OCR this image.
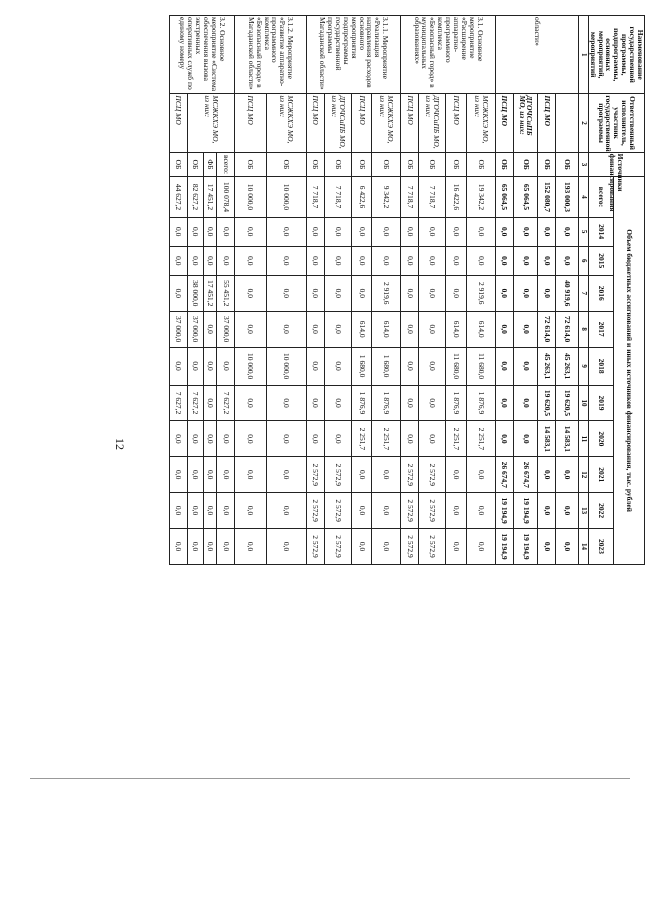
12
Наименование государственной программы, подпрограммы, основных мероприятий, мероприятий	Ответственный исполнитель, участник государственной программы	Источники финансирования	Объем бюджетных ассигнований и иных источников финансирования, тыс. рублей										
			всего:	2014	2015	2016	2017	2018	2019	2020	2021	2022	2023
1	2	3	4	5	6	7	8	9	10	11	12	13	14
области»		ОБ	193 000,3	0,0	0,0	40 919,6	72 614,0	45 263,1	19 620,5	14 583,1	0,0	0,0	0,0
	ПСЦ МО	ОБ	152 080,7	0,0	0,0	0,0	72 614,0	45 263,1	19 620,5	14 583,1	0,0	0,0	0,0
	ДГОЧСиПБ МО, из них:	ОБ	65 064,5	0,0	0,0	0,0	0,0	0,0	0,0	0,0	26 674,7	19 194,9	19 194,9
	ПСЦ МО	ОБ	65 064,5	0,0	0,0	0,0	0,0	0,0	0,0	0,0	26 674,7	19 194,9	19 194,9
3.1. Основное мероприятие «Расширение аппаратно-программного комплекса «Безопасный город» в муниципальных образованиях»	МСЖКХЭ МО, из них:	ОБ	19 342,2	0,0	0,0	2 919,6	614,0	11 680,0	1 876,9	2 251,7	0,0	0,0	0,0
	ПСЦ МО	ОБ	16 422,6	0,0	0,0	0,0	614,0	11 680,0	1 876,9	2 251,7	0,0	0,0	0,0
	ДГОЧСиПБ МО, из них:	ОБ	7 718,7	0,0	0,0	0,0	0,0	0,0	0,0	0,0	2 572,9	2 572,9	2 572,9
	ПСЦ МО	ОБ	7 718,7	0,0	0,0	0,0	0,0	0,0	0,0	0,0	2 572,9	2 572,9	2 572,9
3.1.1. Мероприятие «Реализация направления расходов основного мероприятия подпрограммы государственной программы Магаданской области»	МСЖКХЭ МО, из них:	ОБ	9 342,2	0,0	0,0	2 919,6	614,0	1 680,0	1 876,9	2 251,7	0,0	0,0	0,0
	ПСЦ МО	ОБ	6 422,6	0,0	0,0	0,0	614,0	1 680,0	1 876,9	2 251,7	0,0	0,0	0,0
	ДГОЧСиПБ МО, из них:	ОБ	7 718,7	0,0	0,0	0,0	0,0	0,0	0,0	0,0	2 572,9	2 572,9	2 572,9
	ПСЦ МО	ОБ	7 718,7	0,0	0,0	0,0	0,0	0,0	0,0	0,0	2 572,9	2 572,9	2 572,9
3.1.2. Мероприятие «Развитие аппаратно-программного комплекса «Безопасный город» в Магаданской области»	МСЖКХЭ МО, из них:	ОБ	10 000,0	0,0	0,0	0,0	0,0	10 000,0	0,0	0,0	0,0	0,0	0,0
	ПСЦ МО	ОБ	10 000,0	0,0	0,0	0,0	0,0	10 000,0	0,0	0,0	0,0	0,0	0,0
3.2. Основное мероприятие «Система обеспечения вызова экстренных оперативных служб по единому номеру	МСЖКХЭ МО, из них:	всего:	100 078,4	0,0	0,0	55 451,2	37 000,0	0,0	7 627,2	0,0	0,0	0,0	0,0
		ФБ	17 451,2	0,0	0,0	17 451,2	0,0	0,0	0,0	0,0	0,0	0,0	0,0
		ОБ	82 627,2	0,0	0,0	38 000,0	37 000,0	0,0	7 627,2	0,0	0,0	0,0	0,0
	ПСЦ МО	ОБ	44 627,2	0,0	0,0	0,0	37 000,0	0,0	7 627,2	0,0	0,0	0,0	0,0
